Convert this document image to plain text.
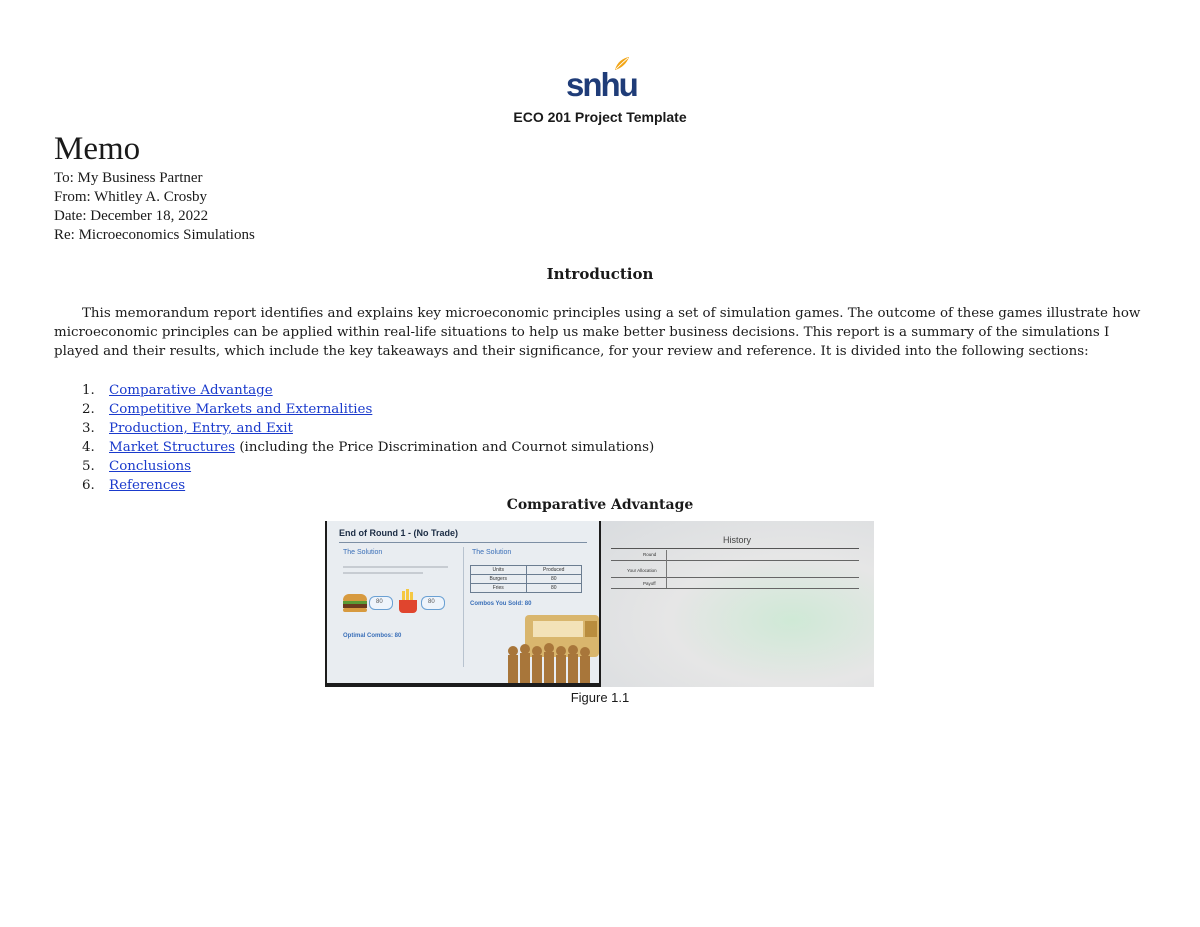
snhu
ECO 201 Project Template
Memo
To: My Business Partner
From: Whitley A. Crosby
Date: December 18, 2022
Re: Microeconomics Simulations
Introduction

This memorandum report identifies and explains key microeconomic principles using a set of simulation games. The outcome of these games illustrate how microeconomic principles can be applied within real-life situations to help us make better business decisions. This report is a summary of the simulations I played and their results, which include the key takeaways and their significance, for your review and reference. It is divided into the following sections:

1. Comparative Advantage
2. Competitive Markets and Externalities
3. Production, Entry, and Exit
4. Market Structures (including the Price Discrimination and Cournot simulations)
5. Conclusions
6. References
Comparative Advantage
End of Round 1 - (No Trade)
The Solution	The Solution
80	80
Optimal Combos: 80
Units	Produced
Burgers	80
Fries	80
Combos You Sold: 80
History
Round
Your Allocation
Payoff
Figure 1.1
